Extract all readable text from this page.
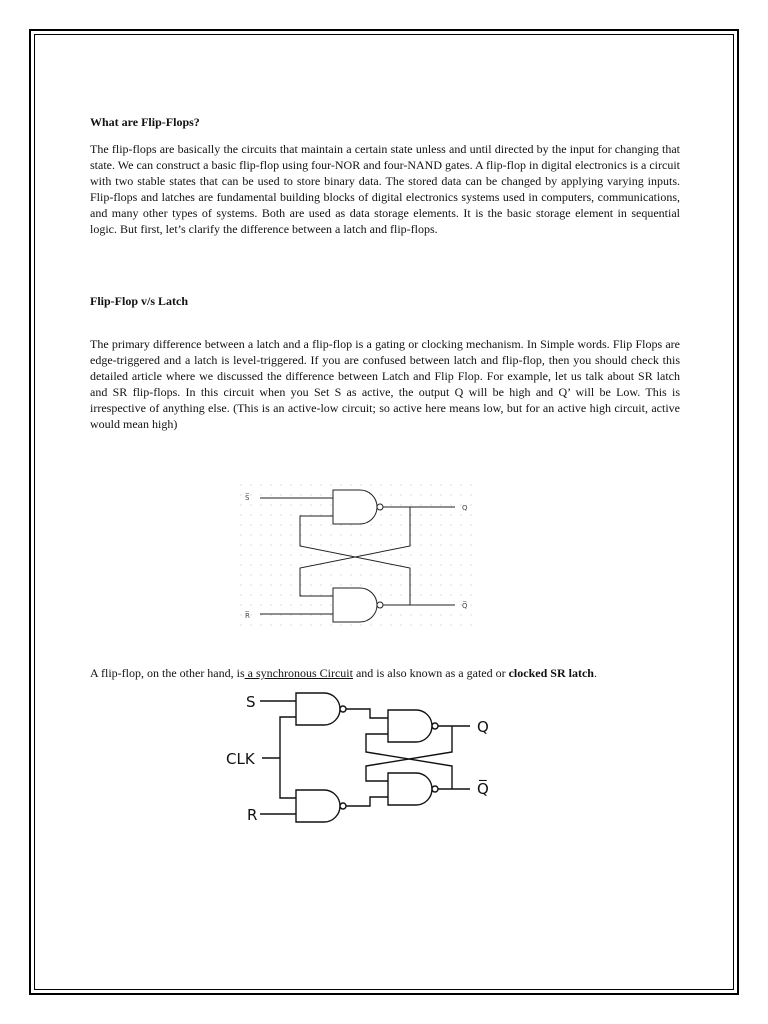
What are Flip-Flops?

The flip-flops are basically the circuits that maintain a certain state unless and until directed by the input for changing that state. We can construct a basic flip-flop using four-NOR and four-NAND gates. A flip-flop in digital electronics is a circuit with two stable states that can be used to store binary data. The stored data can be changed by applying varying inputs. Flip-flops and latches are fundamental building blocks of digital electronics systems used in computers, communications, and many other types of systems. Both are used as data storage elements. It is the basic storage element in sequential logic. But first, let’s clarify the difference between a latch and flip-flops.

Flip-Flop v/s Latch

The primary difference between a latch and a flip-flop is a gating or clocking mechanism. In Simple words. Flip Flops are edge-triggered and a latch is level-triggered. If you are confused between latch and flip-flop, then you should check this detailed article where we discussed the difference between Latch and Flip Flop. For example, let us talk about SR latch and SR flip-flops. In this circuit when you Set S as active, the output Q will be high and Q’ will be Low. This is irrespective of anything else. (This is an active-low circuit; so active here means low, but for an active high circuit, active would mean high)

S̅
R̅
Q
Q̅

A flip-flop, on the other hand, is a synchronous Circuit and is also known as a gated or clocked SR latch.

S
CLK
R
Q
Q̅
